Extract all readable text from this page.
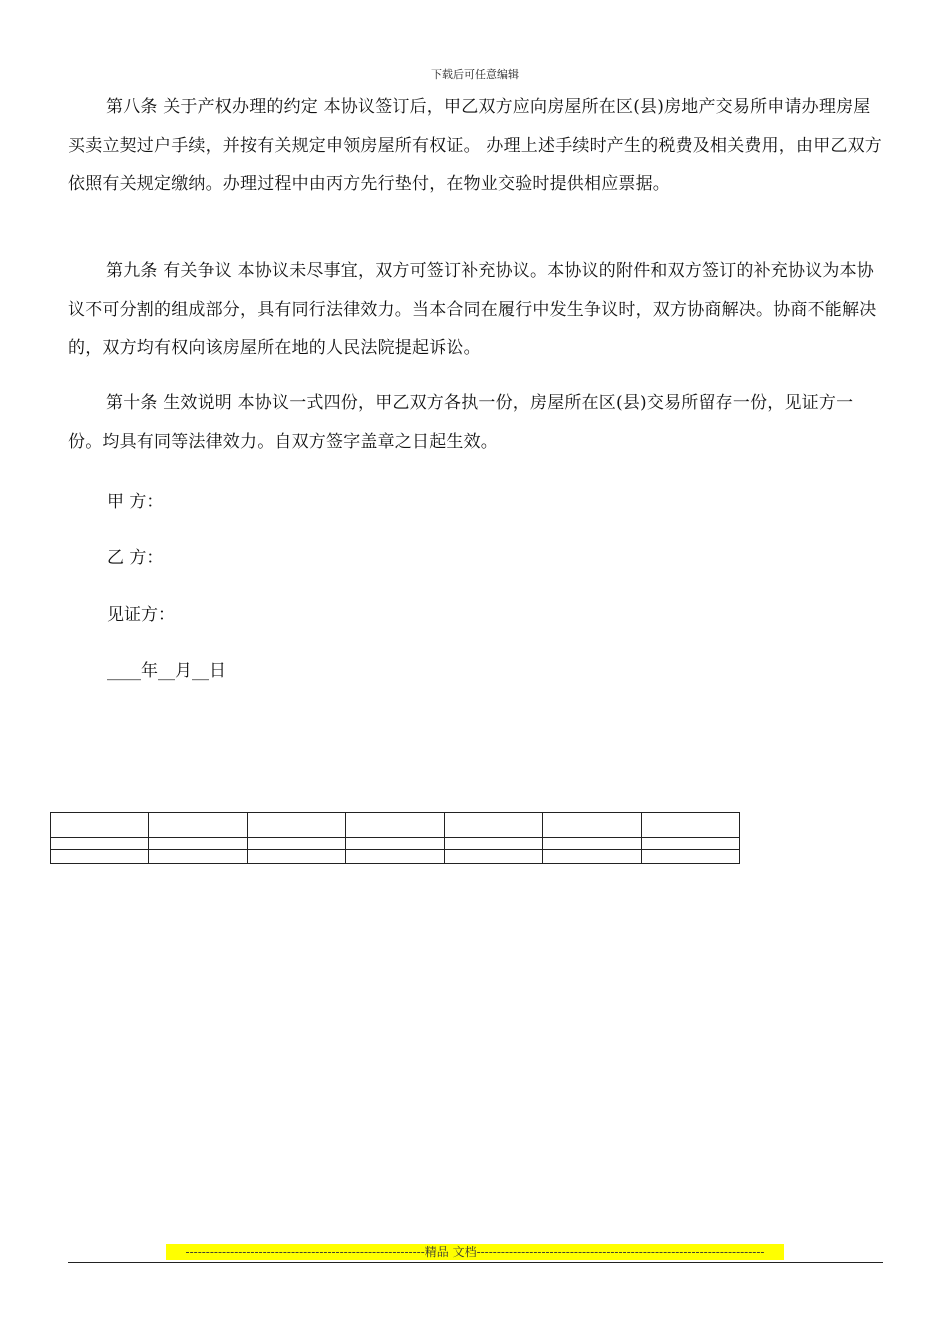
下载后可任意编辑

第八条 关于产权办理的约定 本协议签订后，甲乙双方应向房屋所在区(县)房地产交易所申请办理房屋买卖立契过户手续，并按有关规定申领房屋所有权证。 办理上述手续时产生的税费及相关费用，由甲乙双方依照有关规定缴纳。办理过程中由丙方先行垫付，在物业交验时提供相应票据。

第九条 有关争议 本协议未尽事宜，双方可签订补充协议。本协议的附件和双方签订的补充协议为本协议不可分割的组成部分，具有同行法律效力。当本合同在履行中发生争议时，双方协商解决。协商不能解决的，双方均有权向该房屋所在地的人民法院提起诉讼。

第十条 生效说明 本协议一式四份，甲乙双方各执一份，房屋所在区(县)交易所留存一份，见证方一份。均具有同等法律效力。自双方签字盖章之日起生效。

甲 方：

乙 方：

见证方：

____年__月__日

-----------------------------------------------------------精品 文档-----------------------------------------------------------------------
